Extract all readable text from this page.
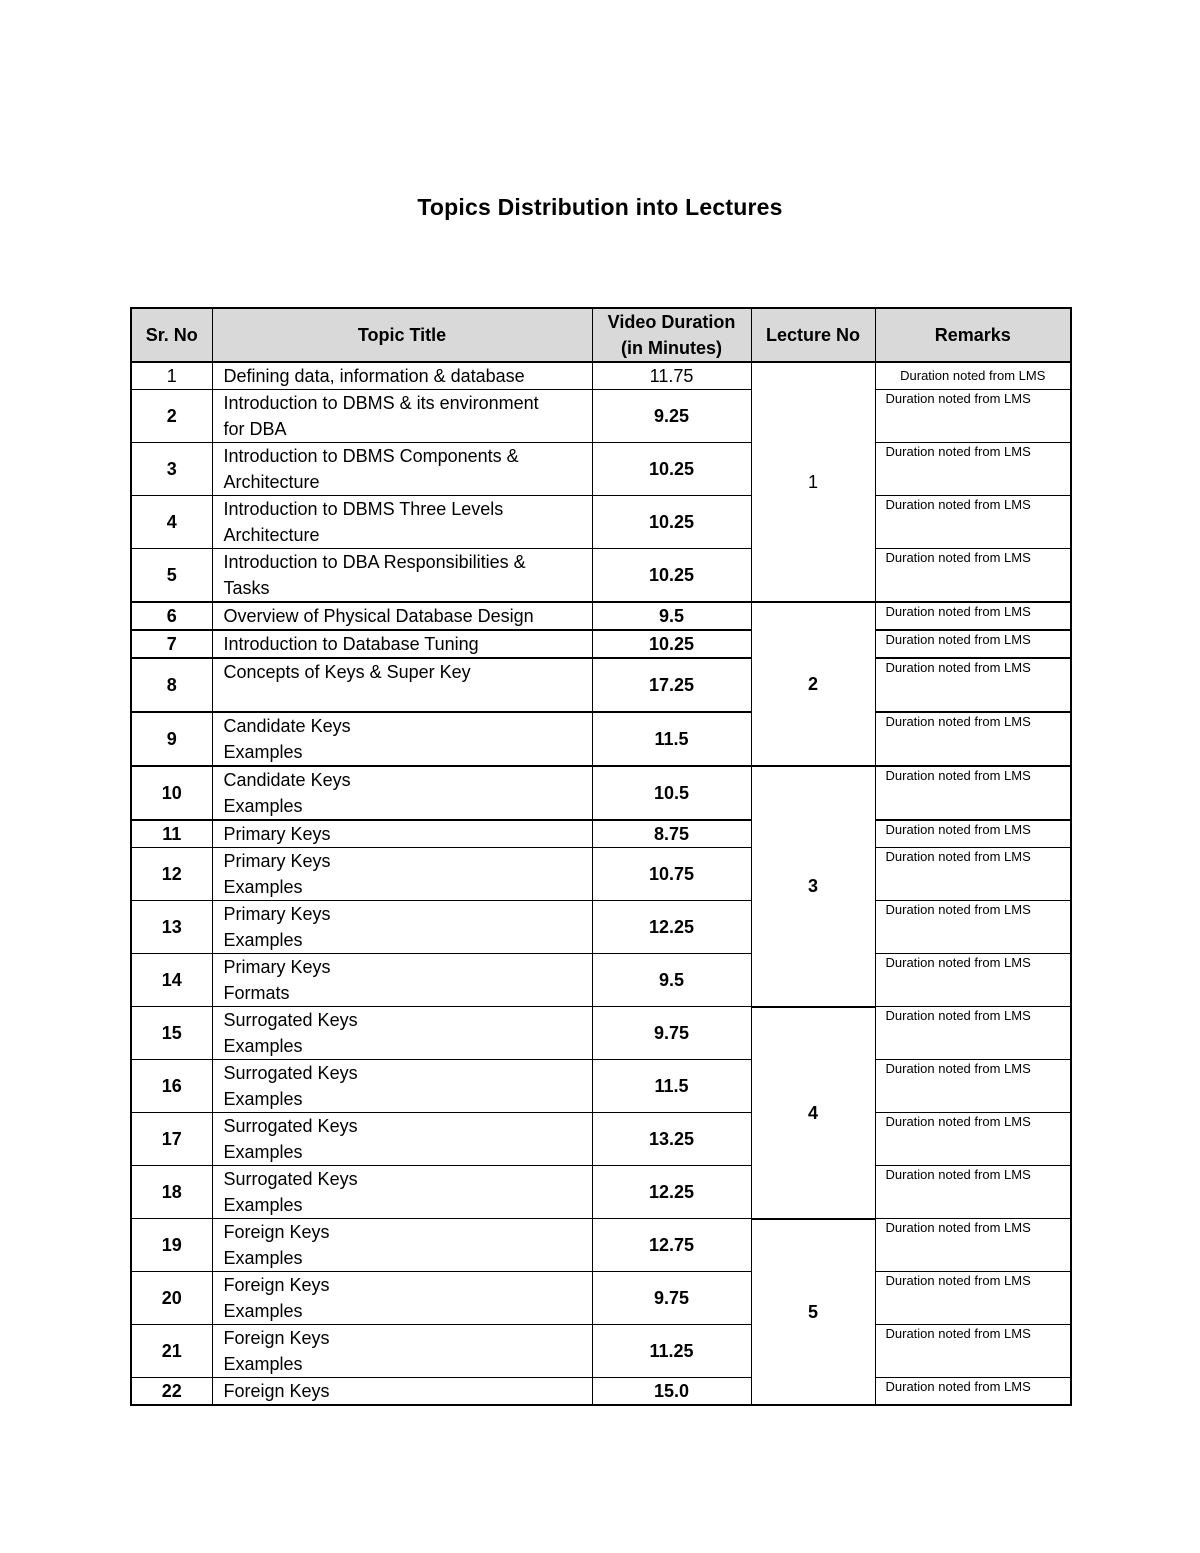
Topics Distribution into Lectures
Sr. No	Topic Title	Video Duration
(in Minutes)	Lecture No	Remarks
1	Defining data, information & database	11.75	1	Duration noted from LMS
2	Introduction to DBMS & its environment
for DBA	9.25		Duration noted from LMS
3	Introduction to DBMS Components &
Architecture	10.25		Duration noted from LMS
4	Introduction to DBMS Three Levels
Architecture	10.25		Duration noted from LMS
5	Introduction to DBA Responsibilities &
Tasks	10.25		Duration noted from LMS
6	Overview of Physical Database Design	9.5	2	Duration noted from LMS
7	Introduction to Database Tuning	10.25		Duration noted from LMS
8	Concepts of Keys & Super Key	17.25		Duration noted from LMS
9	Candidate Keys
Examples	11.5		Duration noted from LMS
10	Candidate Keys
Examples	10.5	3	Duration noted from LMS
11	Primary Keys	8.75		Duration noted from LMS
12	Primary Keys
Examples	10.75		Duration noted from LMS
13	Primary Keys
Examples	12.25		Duration noted from LMS
14	Primary Keys
Formats	9.5		Duration noted from LMS
15	Surrogated Keys
Examples	9.75	4	Duration noted from LMS
16	Surrogated Keys
Examples	11.5		Duration noted from LMS
17	Surrogated Keys
Examples	13.25		Duration noted from LMS
18	Surrogated Keys
Examples	12.25		Duration noted from LMS
19	Foreign Keys
Examples	12.75	5	Duration noted from LMS
20	Foreign Keys
Examples	9.75		Duration noted from LMS
21	Foreign Keys
Examples	11.25		Duration noted from LMS
22	Foreign Keys	15.0		Duration noted from LMS
